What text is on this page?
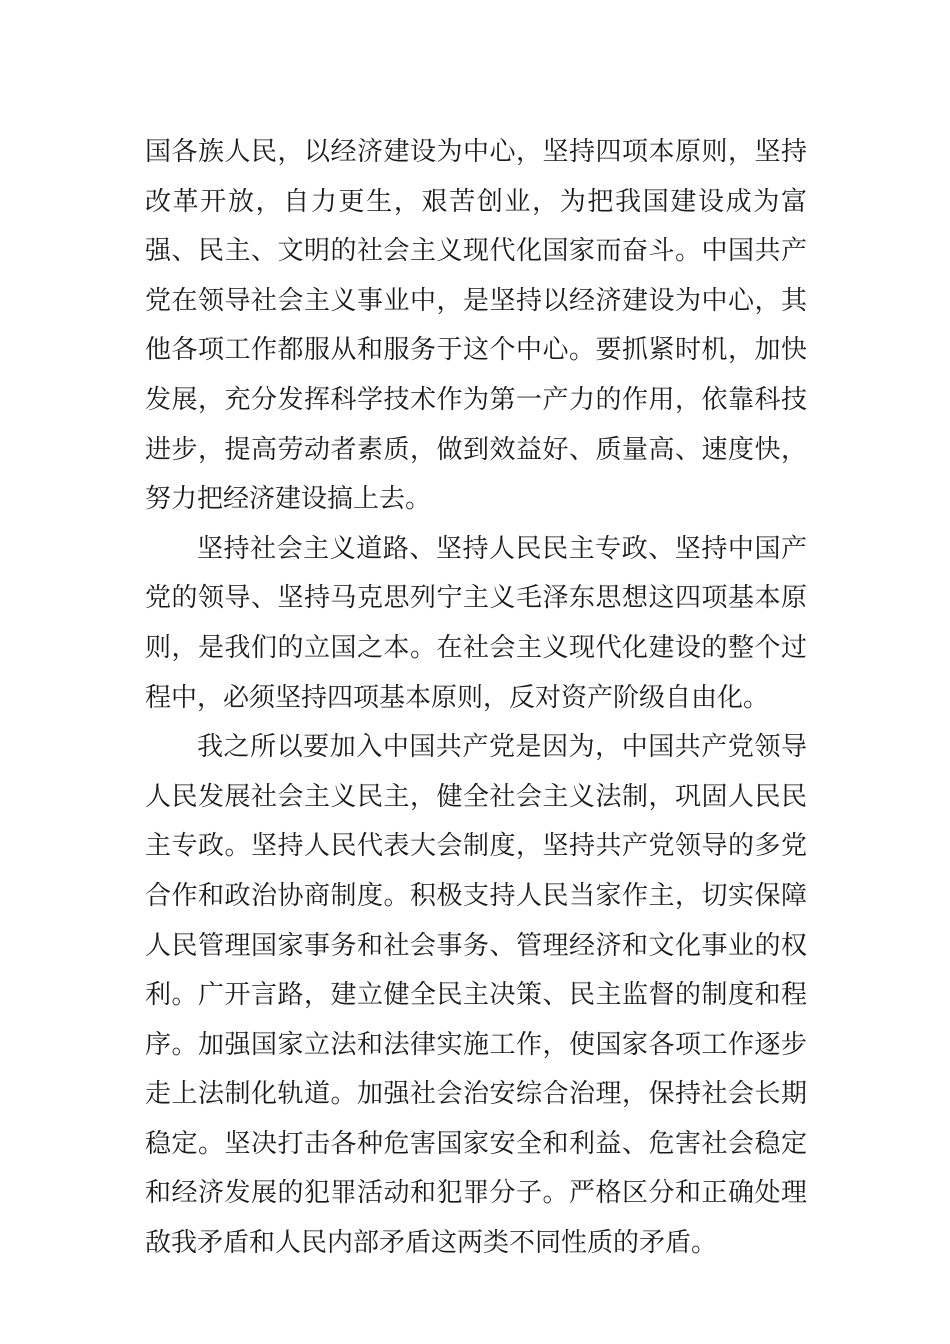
国各族人民，以经济建设为中心，坚持四项本原则，坚持改革开放，自力更生，艰苦创业，为把我国建设成为富强、民主、文明的社会主义现代化国家而奋斗。中国共产党在领导社会主义事业中，是坚持以经济建设为中心，其他各项工作都服从和服务于这个中心。要抓紧时机，加快发展，充分发挥科学技术作为第一产力的作用，依靠科技进步，提高劳动者素质，做到效益好、质量高、速度快，努力把经济建设搞上去。

坚持社会主义道路、坚持人民民主专政、坚持中国产党的领导、坚持马克思列宁主义毛泽东思想这四项基本原则，是我们的立国之本。在社会主义现代化建设的整个过程中，必须坚持四项基本原则，反对资产阶级自由化。

我之所以要加入中国共产党是因为，中国共产党领导人民发展社会主义民主，健全社会主义法制，巩固人民民主专政。坚持人民代表大会制度，坚持共产党领导的多党合作和政治协商制度。积极支持人民当家作主，切实保障人民管理国家事务和社会事务、管理经济和文化事业的权利。广开言路，建立健全民主决策、民主监督的制度和程序。加强国家立法和法律实施工作，使国家各项工作逐步走上法制化轨道。加强社会治安综合治理，保持社会长期稳定。坚决打击各种危害国家安全和利益、危害社会稳定和经济发展的犯罪活动和犯罪分子。严格区分和正确处理敌我矛盾和人民内部矛盾这两类不同性质的矛盾。
